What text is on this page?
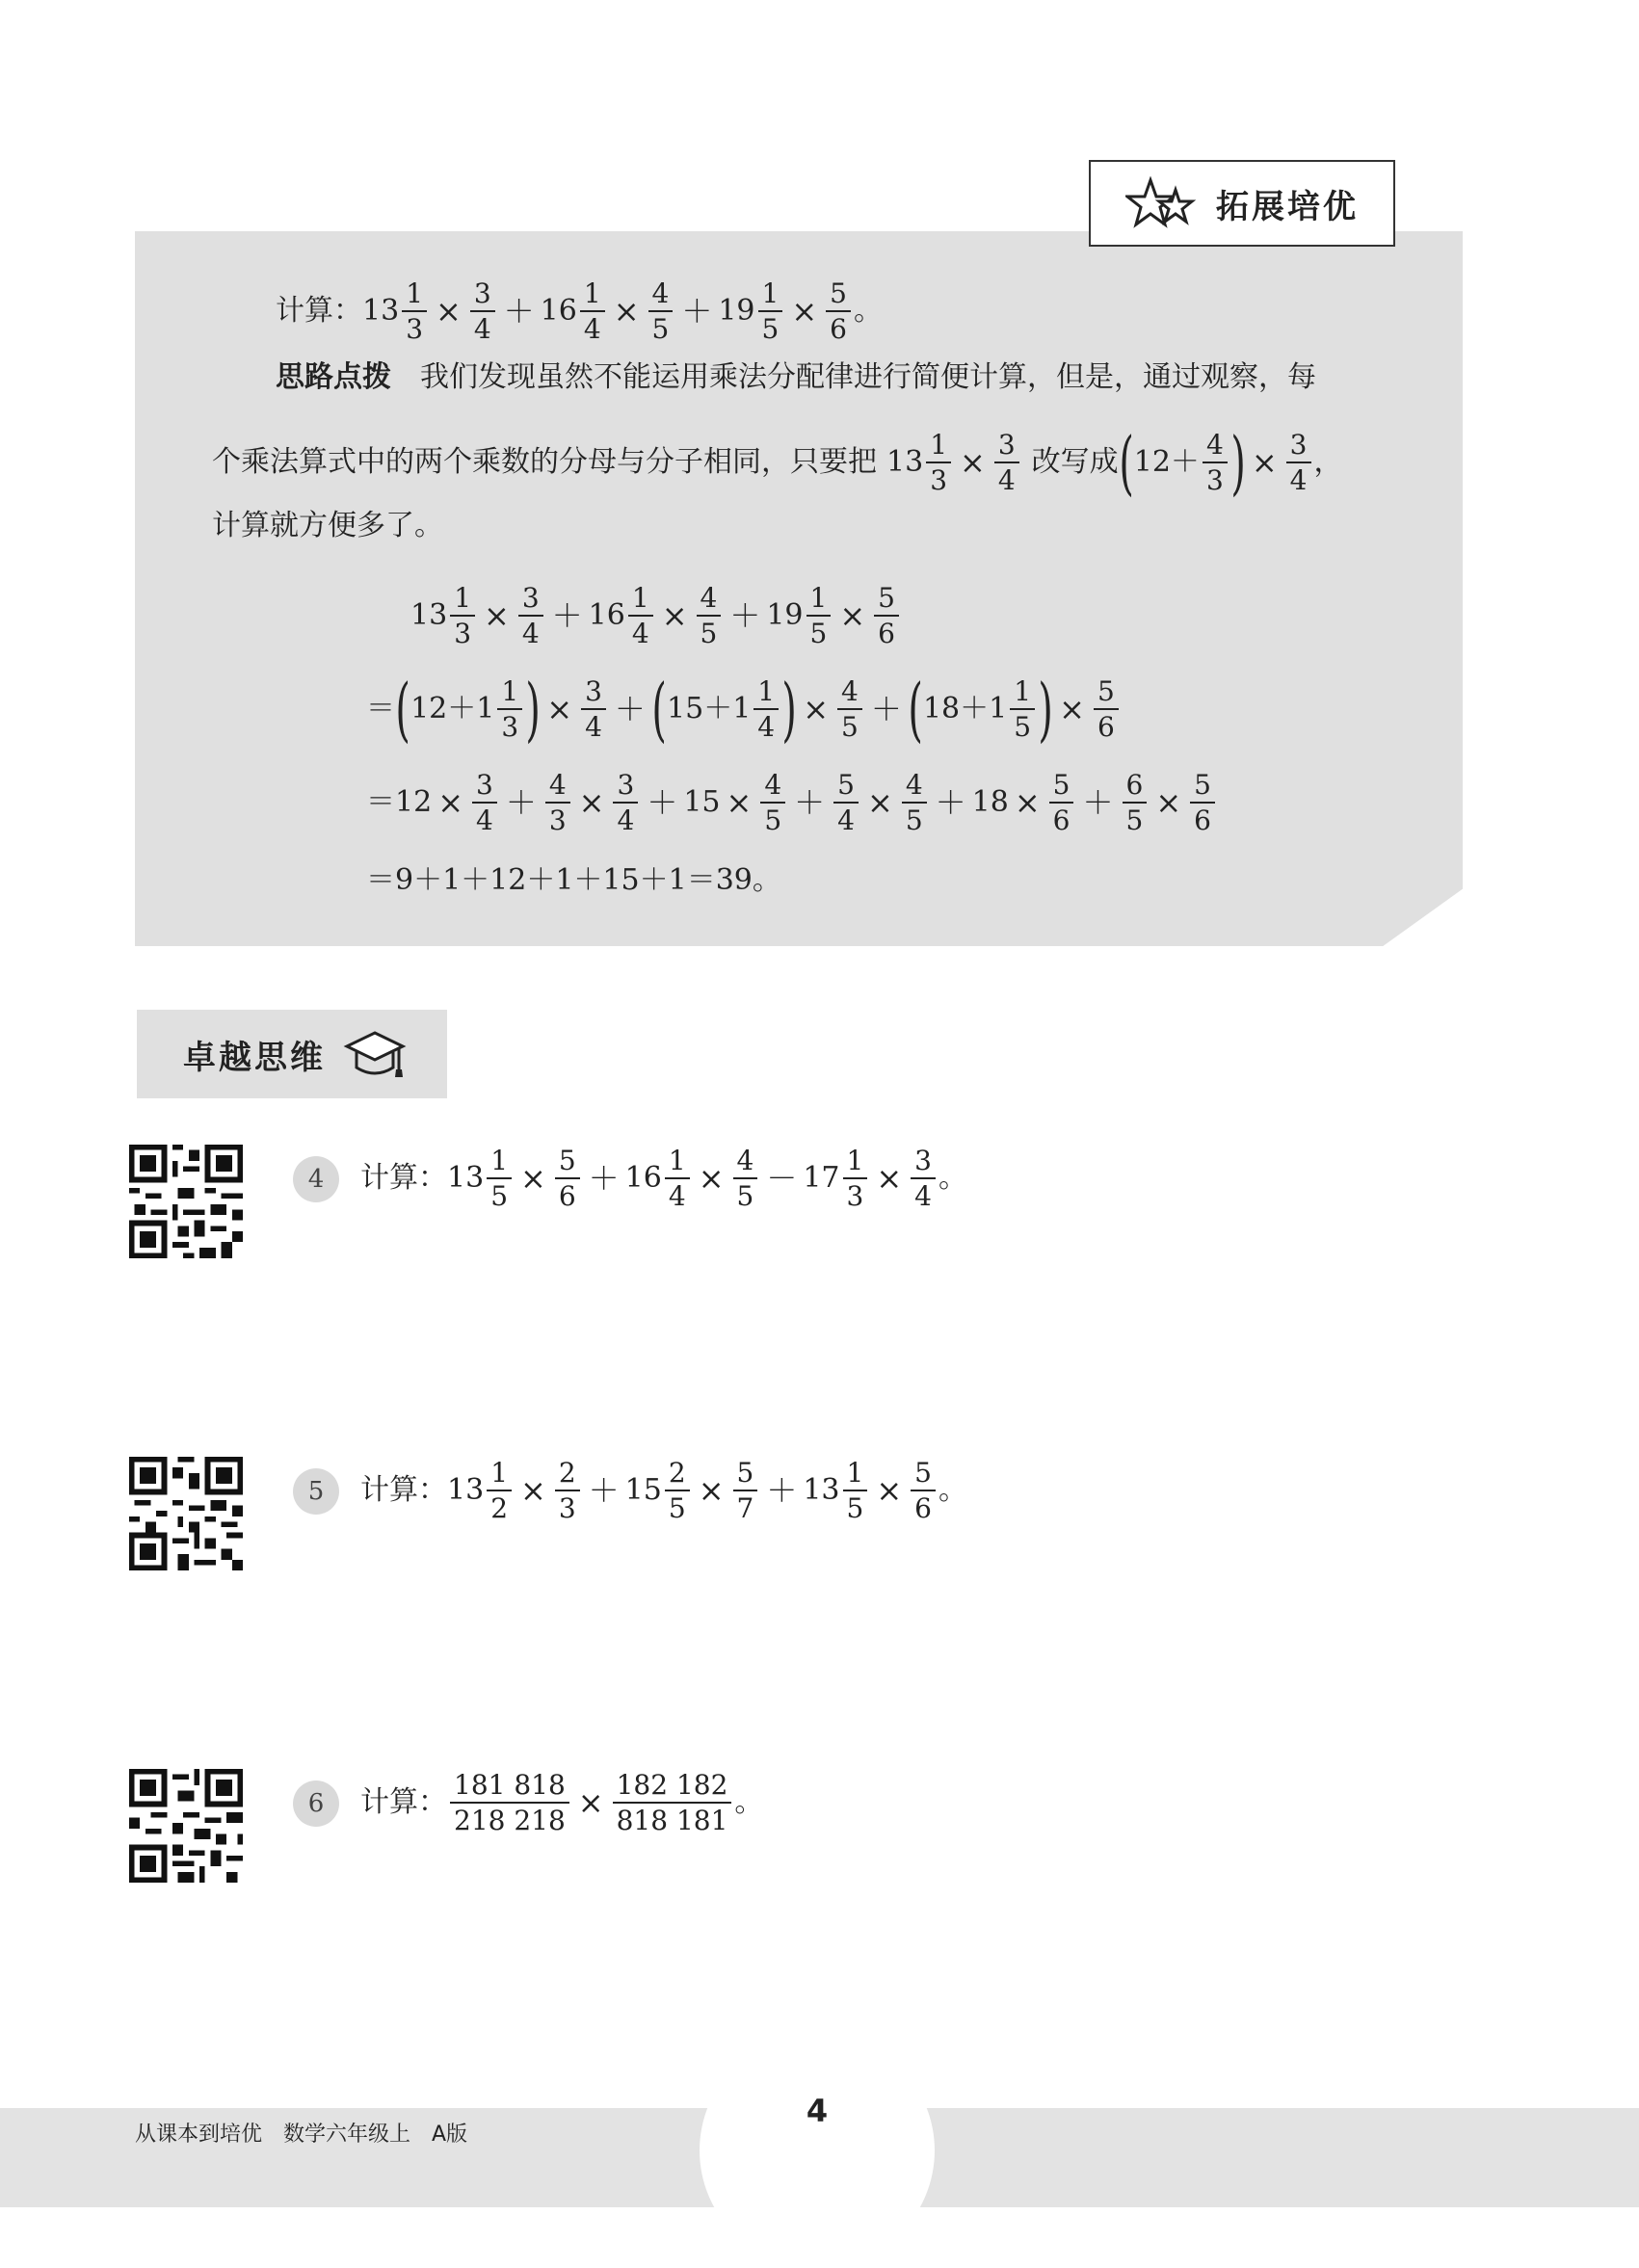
拓展培优
计算： $13 \frac{1}{3} \times \frac{3}{4} + 16 \frac{1}{4} \times \frac{4}{5} + 19 \frac{1}{5} \times \frac{5}{6}$ 。
思路点拨 我们发现虽然不能运用乘法分配律进行简便计算，但是，通过观察，每
个乘法算式中的两个乘数的分母与分子相同，只要把 $13 \frac{1}{3} \times \frac{3}{4}$ 改写成 ( $12+ \frac{4}{3}$ ) × $\frac{3}{4}$ ，
计算就方便多了。
$13 \frac{1}{3} \times \frac{3}{4} + 16 \frac{1}{4} \times \frac{4}{5} + 19 \frac{1}{5} \times \frac{5}{6}$
＝ ( $12+1 \frac{1}{3}$ ) × $\frac{3}{4}$ ＋ ( $15+1 \frac{1}{4}$ ) × $\frac{4}{5}$ ＋ ( $18+1 \frac{1}{5}$ ) × $\frac{5}{6}$
$=12 \times \frac{3}{4} + \frac{4}{3} \times \frac{3}{4} + 15 \times \frac{4}{5} + \frac{5}{4} \times \frac{4}{5} + 18 \times \frac{5}{6} + \frac{6}{5} \times \frac{5}{6}$
＝9＋1＋12＋1＋15＋1＝39。
卓越思维
4	计算： $13 \frac{1}{5} \times \frac{5}{6} + 16 \frac{1}{4} \times \frac{4}{5} - 17 \frac{1}{3} \times \frac{3}{4}$ 。
5	计算： $13 \frac{1}{2} \times \frac{2}{3} + 15 \frac{2}{5} \times \frac{5}{7} + 13 \frac{1}{5} \times \frac{5}{6}$ 。
6	计算： $\frac{181 818}{218 218} \times \frac{182 182}{818 181}$ 。
从课本到培优　数学六年级上　A版
4
